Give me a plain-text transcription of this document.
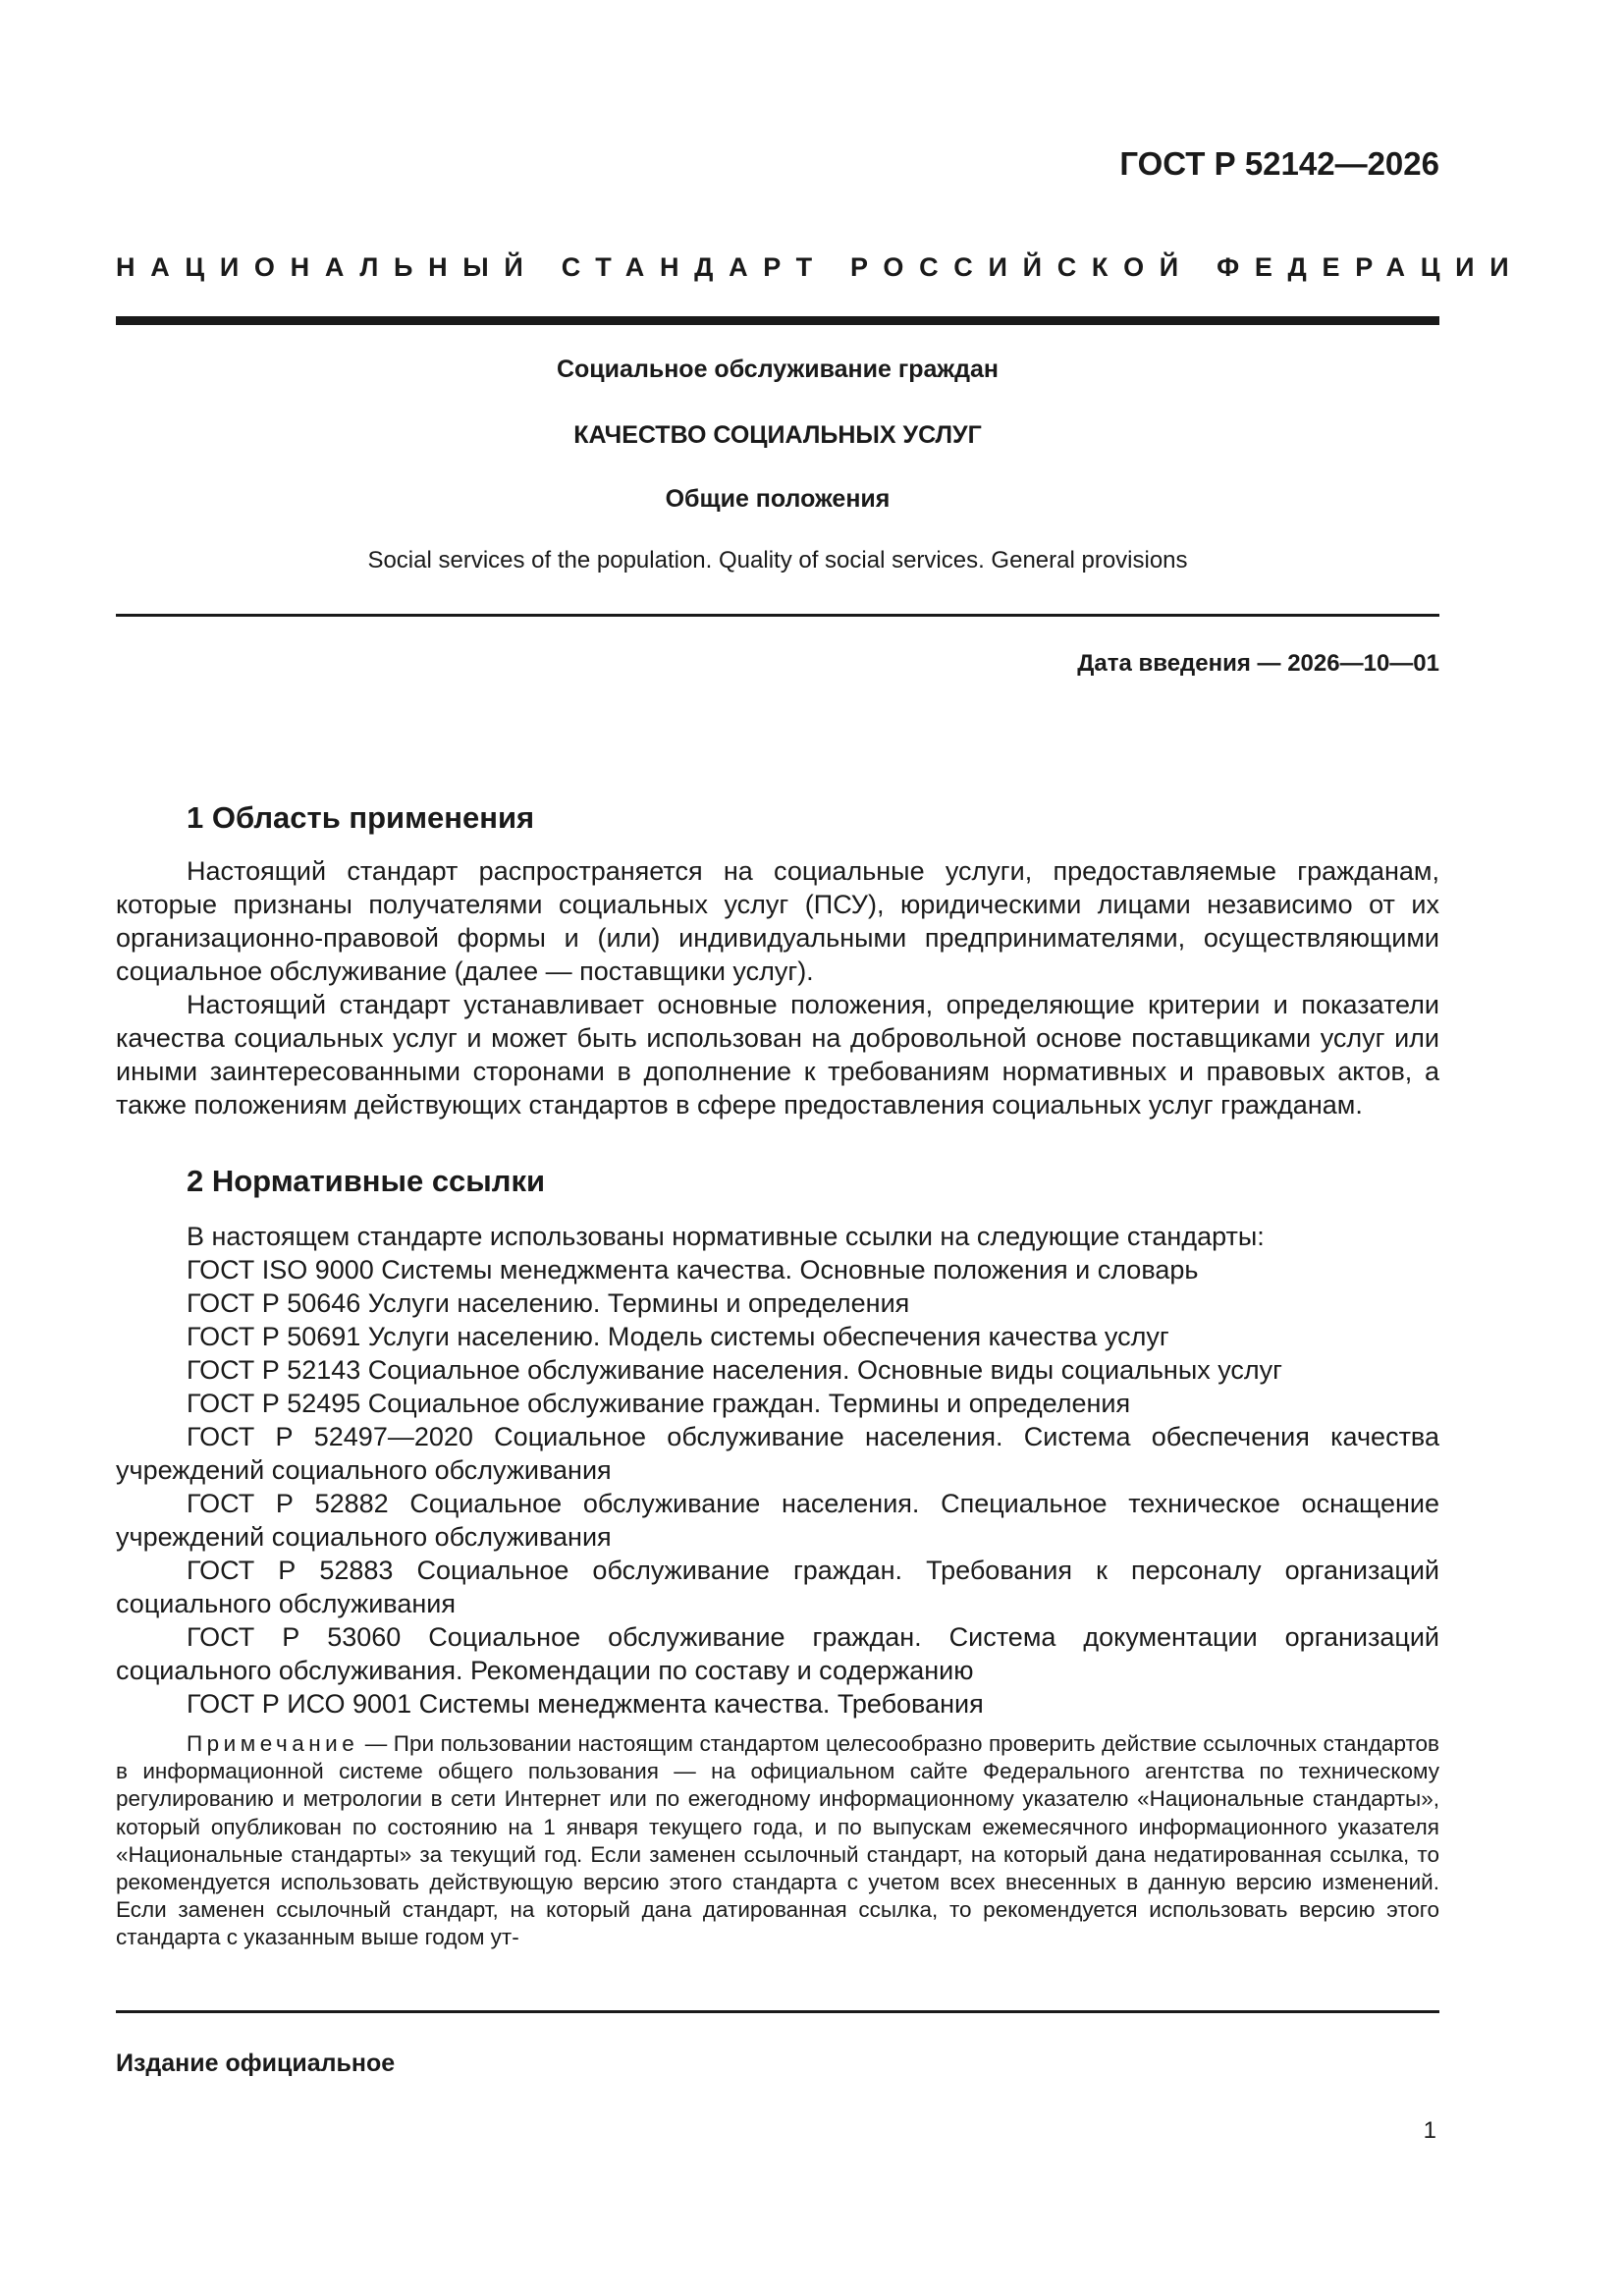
ГОСТ Р 52142—2026
НАЦИОНАЛЬНЫЙ СТАНДАРТ РОССИЙСКОЙ ФЕДЕРАЦИИ
Социальное обслуживание граждан
КАЧЕСТВО СОЦИАЛЬНЫХ УСЛУГ
Общие положения
Social services of the population. Quality of social services. General provisions
Дата введения — 2026—10—01
1 Область применения

Настоящий стандарт распространяется на социальные услуги, предоставляемые гражданам, которые признаны получателями социальных услуг (ПСУ), юридическими лицами независимо от их организационно-правовой формы и (или) индивидуальными предпринимателями, осуществляющими социальное обслуживание (далее — поставщики услуг).

Настоящий стандарт устанавливает основные положения, определяющие критерии и показатели качества социальных услуг и может быть использован на добровольной основе поставщиками услуг или иными заинтересованными сторонами в дополнение к требованиям нормативных и правовых актов, а также положениям действующих стандартов в сфере предоставления социальных услуг гражданам.

2 Нормативные ссылки

В настоящем стандарте использованы нормативные ссылки на следующие стандарты:

ГОСТ ISO 9000 Системы менеджмента качества. Основные положения и словарь

ГОСТ Р 50646 Услуги населению. Термины и определения

ГОСТ Р 50691 Услуги населению. Модель системы обеспечения качества услуг

ГОСТ Р 52143 Социальное обслуживание населения. Основные виды социальных услуг

ГОСТ Р 52495 Социальное обслуживание граждан. Термины и определения

ГОСТ Р 52497—2020 Социальное обслуживание населения. Система обеспечения качества учреждений социального обслуживания

ГОСТ Р 52882 Социальное обслуживание населения. Специальное техническое оснащение учреждений социального обслуживания

ГОСТ Р 52883 Социальное обслуживание граждан. Требования к персоналу организаций социального обслуживания

ГОСТ Р 53060 Социальное обслуживание граждан. Система документации организаций социального обслуживания. Рекомендации по составу и содержанию

ГОСТ Р ИСО 9001 Системы менеджмента качества. Требования

Примечание — При пользовании настоящим стандартом целесообразно проверить действие ссылочных стандартов в информационной системе общего пользования — на официальном сайте Федерального агентства по техническому регулированию и метрологии в сети Интернет или по ежегодному информационному указателю «Национальные стандарты», который опубликован по состоянию на 1 января текущего года, и по выпускам ежемесячного информационного указателя «Национальные стандарты» за текущий год. Если заменен ссылочный стандарт, на который дана недатированная ссылка, то рекомендуется использовать действующую версию этого стандарта с учетом всех внесенных в данную версию изменений. Если заменен ссылочный стандарт, на который дана датированная ссылка, то рекомендуется использовать версию этого стандарта с указанным выше годом ут-
Издание официальное
1
